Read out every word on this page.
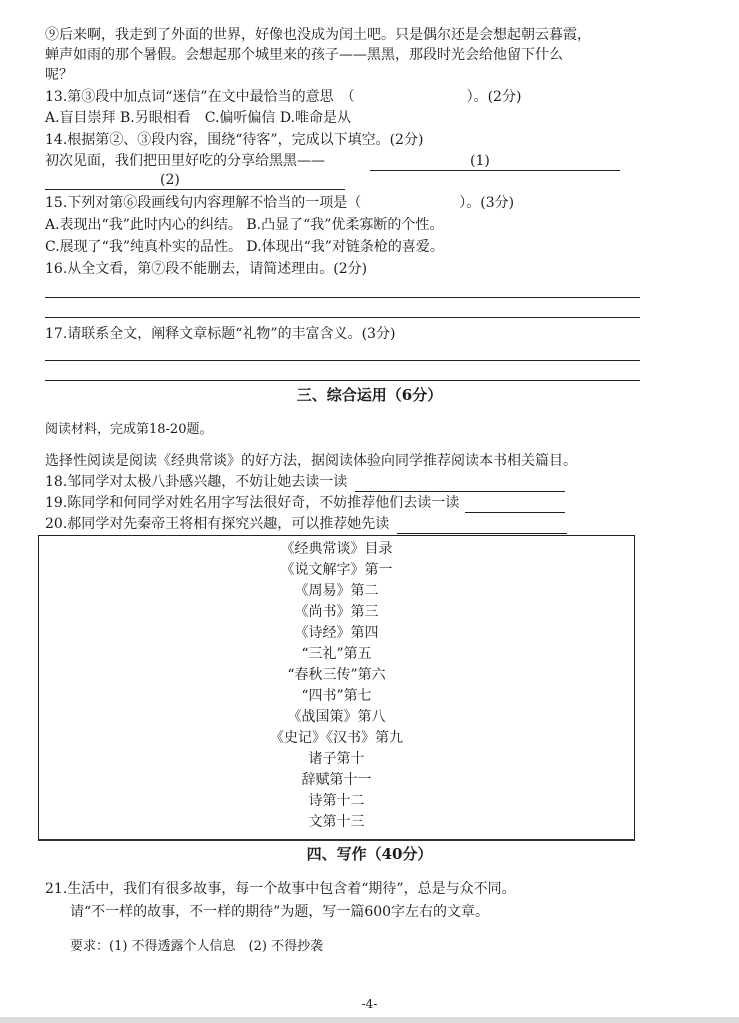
⑨后来啊，我走到了外面的世界，好像也没成为闰土吧。只是偶尔还是会想起朝云暮霞，
蝉声如雨的那个暑假。会想起那个城里来的孩子——黑黑，那段时光会给他留下什么
呢？
13.第③段中加点词“迷信”在文中最恰当的意思　（　　　　　　　　）。(2分)
A.盲目崇拜 B.另眼相看　C.偏听偏信 D.唯命是从
14.根据第②、③段内容，围绕“待客”，完成以下填空。(2分)
初次见面，我们把田里好吃的分享给黑黑——	(1)
(2)
15.下列对第⑥段画线句内容理解不恰当的一项是（　　　　　　　）。(3分)
A.表现出“我”此时内心的纠结。 B.凸显了“我”优柔寡断的个性。
C.展现了“我”纯真朴实的品性。 D.体现出“我”对链条枪的喜爱。
16.从全文看，第⑦段不能删去，请简述理由。(2分)
17.请联系全文，阐释文章标题“礼物”的丰富含义。(3分)
三、综合运用（6分）
阅读材料，完成第18-20题。
选择性阅读是阅读《经典常谈》的好方法，据阅读体验向同学推荐阅读本书相关篇目。
18.邹同学对太极八卦感兴趣，不妨让她去读一读
19.陈同学和何同学对姓名用字写法很好奇，不妨推荐他们去读一读
20.郝同学对先秦帝王将相有探究兴趣，可以推荐她先读
《经典常谈》目录
《说文解字》第一
《周易》第二
《尚书》第三
《诗经》第四
“三礼”第五
“春秋三传”第六
“四书”第七
《战国策》第八
《史记》《汉书》第九
诸子第十
辞赋第十一
诗第十二
文第十三
四、写作（40分）
21.生活中，我们有很多故事，每一个故事中包含着“期待”，总是与众不同。
请“不一样的故事，不一样的期待”为题，写一篇600字左右的文章。
要求：(1) 不得透露个人信息　(2) 不得抄袭
-4-
